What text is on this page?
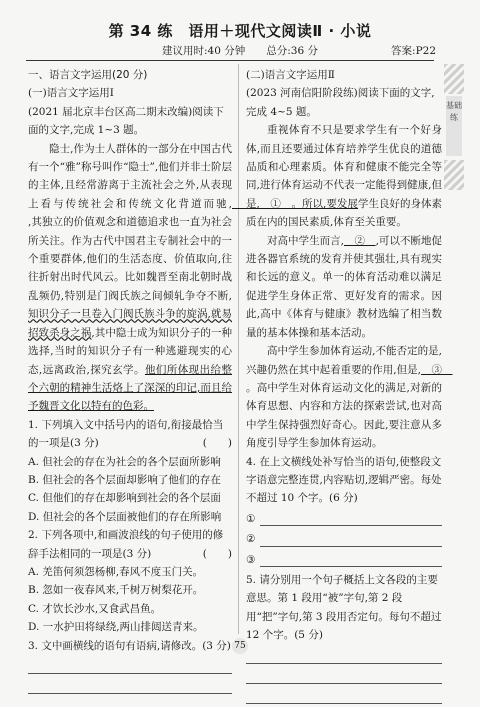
第 34 练　语用＋现代文阅读Ⅱ · 小说
建议用时:40 分钟　　总分:36 分	答案:P22
基础练
一、语言文字运用(20 分)
(一)语言文字运用Ⅰ
(2021 届北京丰台区高二期末改编)阅读下面的文字,完成 1~3 题。

隐士,作为士人群体的一部分在中国古代有一个“雅”称号叫作“隐士”,他们并非士阶层的主体,且经常游离于主流社会之外,从表现上看与传统社会和传统文化背道而驰,　　　　　　　　　　　　,其独立的价值观念和道德追求也一直为社会所关注。作为古代中国君主专制社会中的一个重要群体,他们的生活态度、价值取向,往往折射出时代风云。比如魏晋至南北朝时战乱频仍,特别是门阀氏族之间倾轧争夺不断,知识分子一旦卷入门阀氏族斗争的旋涡,就易招致杀身之祸,其中隐士成为知识分子的一种选择,当时的知识分子有一种逃避现实的心态,远离政治,探究玄学。他们所体现出给整个六朝的精神生活烙上了深深的印记,而且给予魏晋文化以特有的色彩。

1. 下列填入文中括号内的语句,衔接最恰当的一项是(3 分)	(　　)
A. 但社会的存在为社会的各个层面所影响
B. 但社会的各个层面却影响了他们的存在
C. 但他们的存在却影响到社会的各个层面
D. 但社会的各个层面被他们的存在所影响
2. 下列各项中,和画波浪线的句子使用的修辞手法相同的一项是(3 分)	(　　)
A. 羌笛何须怨杨柳,春风不度玉门关。
B. 忽如一夜春风来,千树万树梨花开。
C. 才饮长沙水,又食武昌鱼。
D. 一水护田将绿绕,两山排闼送青来。
3. 文中画横线的语句有语病,请修改。(3 分)
(二)语言文字运用Ⅱ
(2023 河南信阳阶段练)阅读下面的文字,完成 4~5 题。

重视体育不只是要求学生有一个好身体,而且还要通过体育培养学生优良的道德品质和心理素质。体育和健康不能完全等同,进行体育运动不代表一定能得到健康,但是,　 ①　 。所以,要发展学生良好的身体素质在内的国民素质,体育至关重要。

对高中学生而言,　 ②　 ,可以不断地促进各器官系统的发育并使其强壮,具有现实和长远的意义。单一的体育活动难以满足促进学生身体正常、更好发育的需求。因此,高中《体育与健康》教材选编了相当数量的基本体操和基本活动。

高中学生参加体育运动,不能否定的是,兴趣仍然在其中起着重要的作用,但是,　 ③　。高中学生对体育运动文化的满足,对新的体育思想、内容和方法的探索尝试,也对高中学生保持强烈好奇心。因此,要注意从多角度引导学生参加体育运动。

4. 在上文横线处补写恰当的语句,使整段文字语意完整连贯,内容贴切,逻辑严密。每处不超过 10 个字。(6 分)
①
②
③
5. 请分别用一个句子概括上文各段的主要意思。第 1 段用“被”字句,第 2 段用“把”字句,第 3 段用否定句。每句不超过 12 个字。(5 分)
75
